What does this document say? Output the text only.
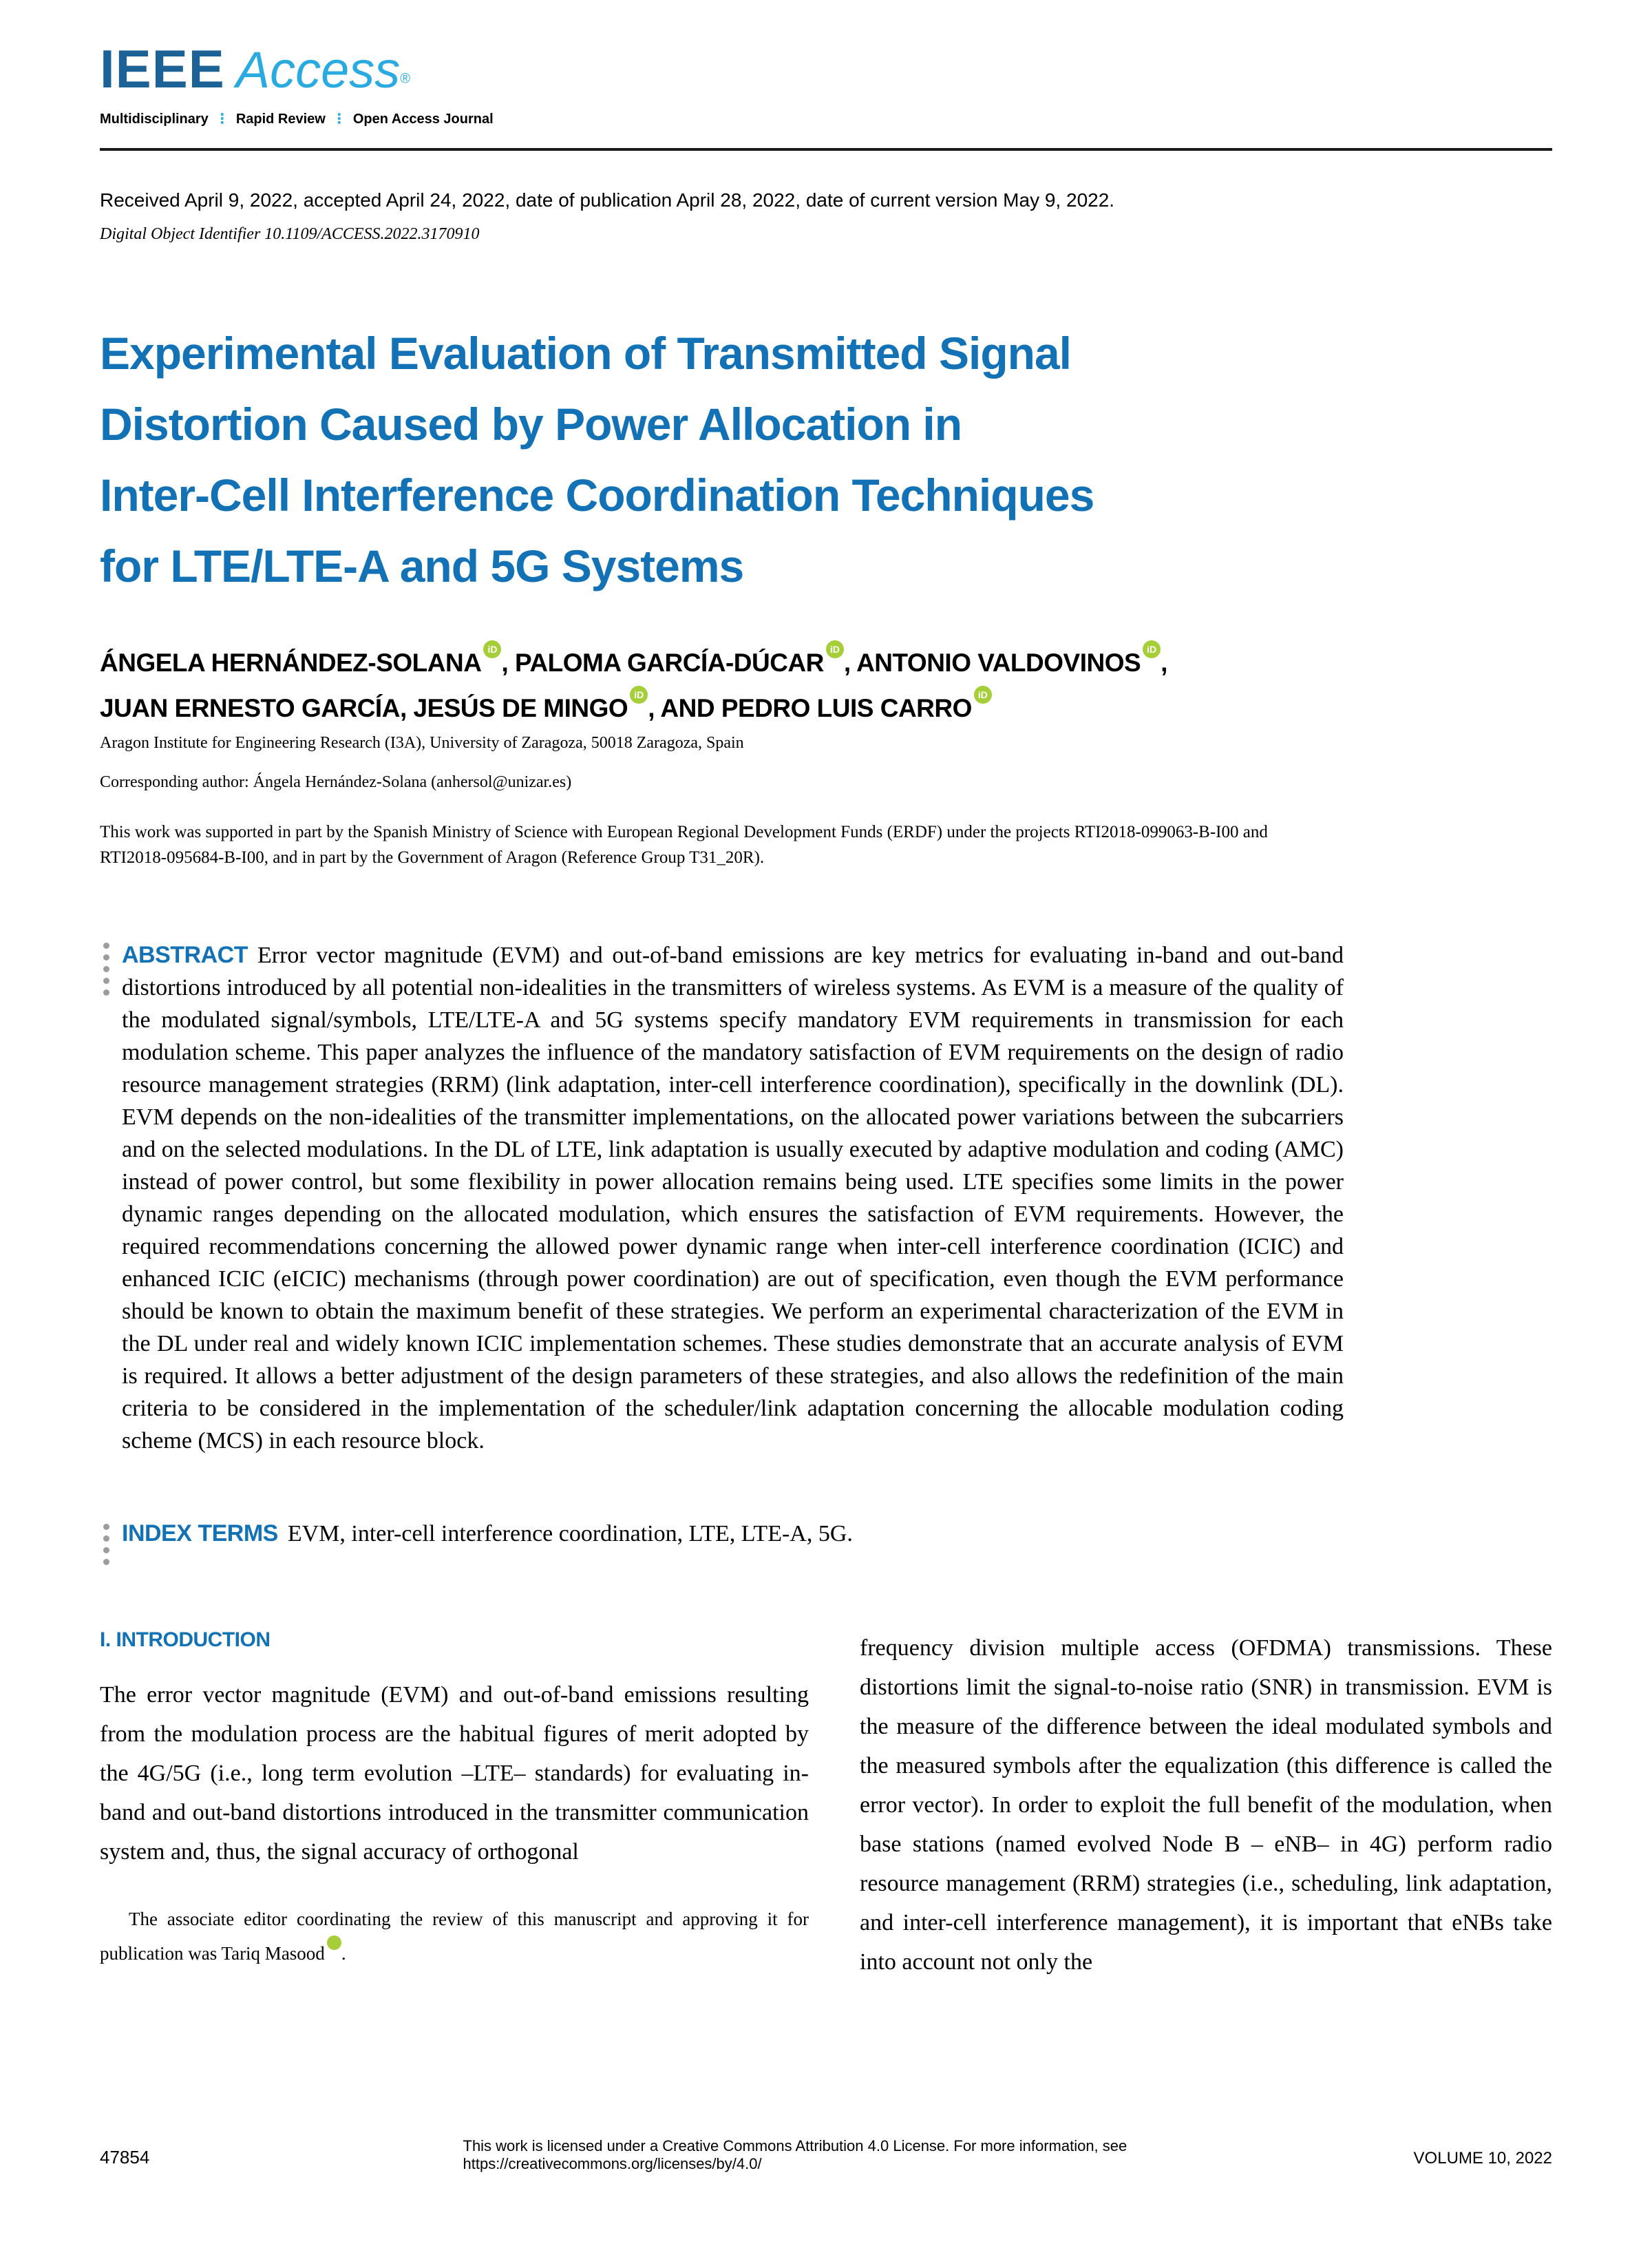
IEEE Access®
Multidisciplinary ⋮ Rapid Review ⋮ Open Access Journal
Received April 9, 2022, accepted April 24, 2022, date of publication April 28, 2022, date of current version May 9, 2022.
Digital Object Identifier 10.1109/ACCESS.2022.3170910
Experimental Evaluation of Transmitted Signal
Distortion Caused by Power Allocation in
Inter-Cell Interference Coordination Techniques
for LTE/LTE-A and 5G Systems
ÁNGELA HERNÁNDEZ-SOLANA $^{iD}$ , PALOMA GARCÍA-DÚCAR $^{iD}$ , ANTONIO VALDOVINOS $^{iD}$ ,
JUAN ERNESTO GARCÍA, JESÚS DE MINGO $^{iD}$ , AND PEDRO LUIS CARRO $^{iD}$
Aragon Institute for Engineering Research (I3A), University of Zaragoza, 50018 Zaragoza, Spain
Corresponding author: Ángela Hernández-Solana (anhersol@unizar.es)
This work was supported in part by the Spanish Ministry of Science with European Regional Development Funds (ERDF) under the projects RTI2018-099063-B-I00 and RTI2018-095684-B-I00, and in part by the Government of Aragon (Reference Group T31_20R).

ABSTRACT Error vector magnitude (EVM) and out-of-band emissions are key metrics for evaluating in-band and out-band distortions introduced by all potential non-idealities in the transmitters of wireless systems. As EVM is a measure of the quality of the modulated signal/symbols, LTE/LTE-A and 5G systems specify mandatory EVM requirements in transmission for each modulation scheme. This paper analyzes the influence of the mandatory satisfaction of EVM requirements on the design of radio resource management strategies (RRM) (link adaptation, inter-cell interference coordination), specifically in the downlink (DL). EVM depends on the non-idealities of the transmitter implementations, on the allocated power variations between the subcarriers and on the selected modulations. In the DL of LTE, link adaptation is usually executed by adaptive modulation and coding (AMC) instead of power control, but some flexibility in power allocation remains being used. LTE specifies some limits in the power dynamic ranges depending on the allocated modulation, which ensures the satisfaction of EVM requirements. However, the required recommendations concerning the allowed power dynamic range when inter-cell interference coordination (ICIC) and enhanced ICIC (eICIC) mechanisms (through power coordination) are out of specification, even though the EVM performance should be known to obtain the maximum benefit of these strategies. We perform an experimental characterization of the EVM in the DL under real and widely known ICIC implementation schemes. These studies demonstrate that an accurate analysis of EVM is required. It allows a better adjustment of the design parameters of these strategies, and also allows the redefinition of the main criteria to be considered in the implementation of the scheduler/link adaptation concerning the allocable modulation coding scheme (MCS) in each resource block.

INDEX TERMS EVM, inter-cell interference coordination, LTE, LTE-A, 5G.

I. INTRODUCTION

The error vector magnitude (EVM) and out-of-band emissions resulting from the modulation process are the habitual figures of merit adopted by the 4G/5G (i.e., long term evolution –LTE– standards) for evaluating in-band and out-band distortions introduced in the transmitter communication system and, thus, the signal accuracy of orthogonal

The associate editor coordinating the review of this manuscript and approving it for publication was Tariq Masood$^{iD}$.

frequency division multiple access (OFDMA) transmissions. These distortions limit the signal-to-noise ratio (SNR) in transmission. EVM is the measure of the difference between the ideal modulated symbols and the measured symbols after the equalization (this difference is called the error vector). In order to exploit the full benefit of the modulation, when base stations (named evolved Node B – eNB– in 4G) perform radio resource management (RRM) strategies (i.e., scheduling, link adaptation, and inter-cell interference management), it is important that eNBs take into account not only the

47854
This work is licensed under a Creative Commons Attribution 4.0 License. For more information, see https://creativecommons.org/licenses/by/4.0/	VOLUME 10, 2022
